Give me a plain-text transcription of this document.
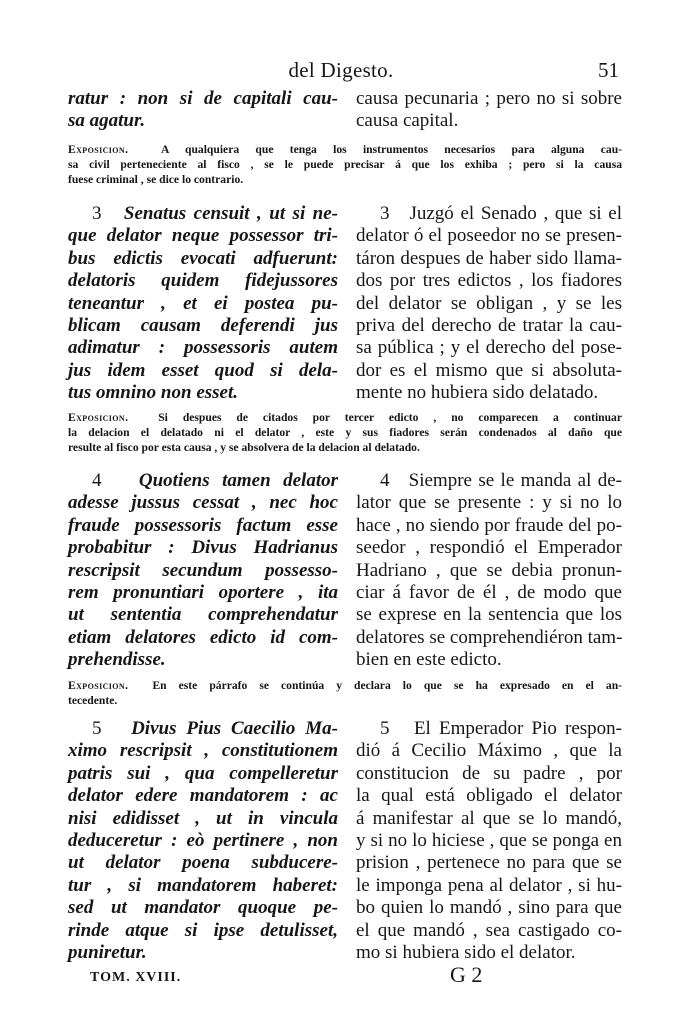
del Digesto.	51
ratur : non si de capitali cau-
sa agatur.
causa pecunaria ; pero no si sobre
causa capital.
Exposicion.	A qualquiera que tenga los instrumentos necesarios para alguna cau-
sa civil perteneciente al fisco , se le puede precisar á que los exhiba ; pero si la causa
fuese criminal , se dice lo contrario.
3 Senatus censuit , ut si ne-
que delator neque possessor tri-
bus edictis evocati adfuerunt:
delatoris quidem fidejussores
teneantur , et ei postea pu-
blicam causam deferendi jus
adimatur : possessoris autem
jus idem esset quod si dela-
tus omnino non esset.
3 Juzgó el Senado , que si el
delator ó el poseedor no se presen-
táron despues de haber sido llama-
dos por tres edictos , los fiadores
del delator se obligan , y se les
priva del derecho de tratar la cau-
sa pública ; y el derecho del pose-
dor es el mismo que si absoluta-
mente no hubiera sido delatado.
Exposicion.	Si despues de citados por tercer edicto , no comparecen a continuar
la delacion el delatado ni el delator , este y sus fiadores serán condenados al daño que
resulte al fisco por esta causa , y se absolvera de la delacion al delatado.
4 Quotiens tamen delator
adesse jussus cessat , nec hoc
fraude possessoris factum esse
probabitur : Divus Hadrianus
rescripsit secundum possesso-
rem pronuntiari oportere , ita
ut sententia comprehendatur
etiam delatores edicto id com-
prehendisse.
4 Siempre se le manda al de-
lator que se presente : y si no lo
hace , no siendo por fraude del po-
seedor , respondió el Emperador
Hadriano , que se debia pronun-
ciar á favor de él , de modo que
se exprese en la sentencia que los
delatores se comprehendiéron tam-
bien en este edicto.
Exposicion. En este párrafo se continúa y declara lo que se ha expresado en el an-
tecedente.
5 Divus Pius Caecilio Ma-
ximo rescripsit , constitutionem
patris sui , qua compelleretur
delator edere mandatorem : ac
nisi edidisset , ut in vincula
deduceretur : eò pertinere , non
ut delator poena subducere-
tur , si mandatorem haberet:
sed ut mandator quoque pe-
rinde atque si ipse detulisset,
puniretur.
5 El Emperador Pio respon-
dió á Cecilio Máximo , que la
constitucion de su padre , por
la qual está obligado el delator
á manifestar al que se lo mandó,
y si no lo hiciese , que se ponga en
prision , pertenece no para que se
le imponga pena al delator , si hu-
bo quien lo mandó , sino para que
el que mandó , sea castigado co-
mo si hubiera sido el delator.
TOM. XVIII.	G 2
